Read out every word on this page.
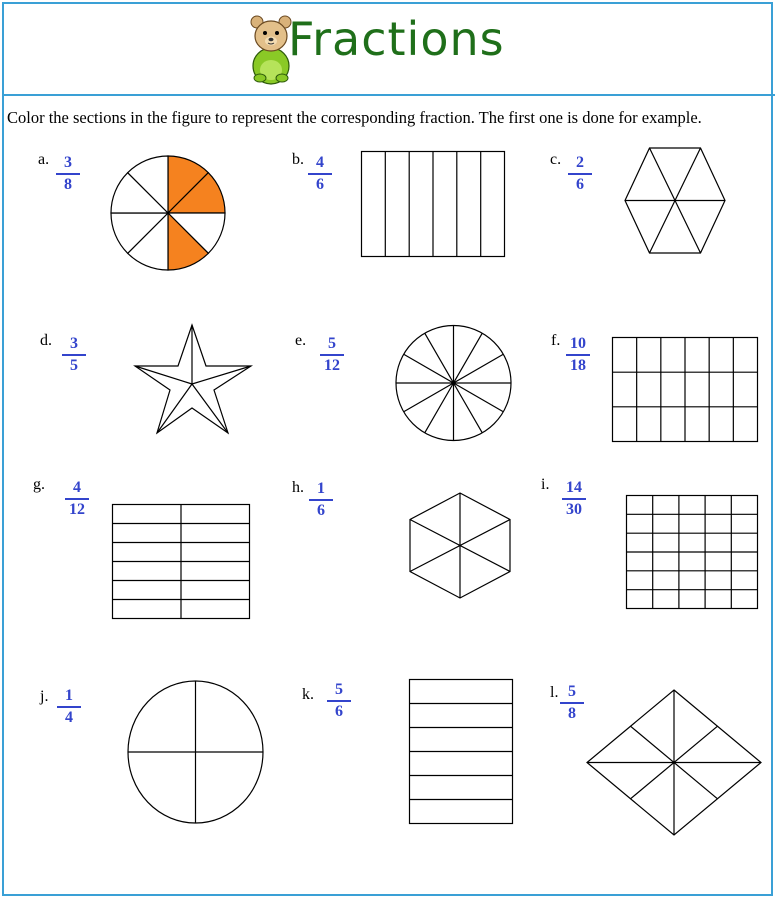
Fractions
Color the sections in the figure to represent the corresponding fraction. The first one is done for example.
a. 3
8
b. 4
6
c. 2
6
d.	3
5
e.	5
12
f. 10
18
g.	4
12
h. 1
6
i.	14
30
j.	1
4
k.	5
6
l. 5
8
